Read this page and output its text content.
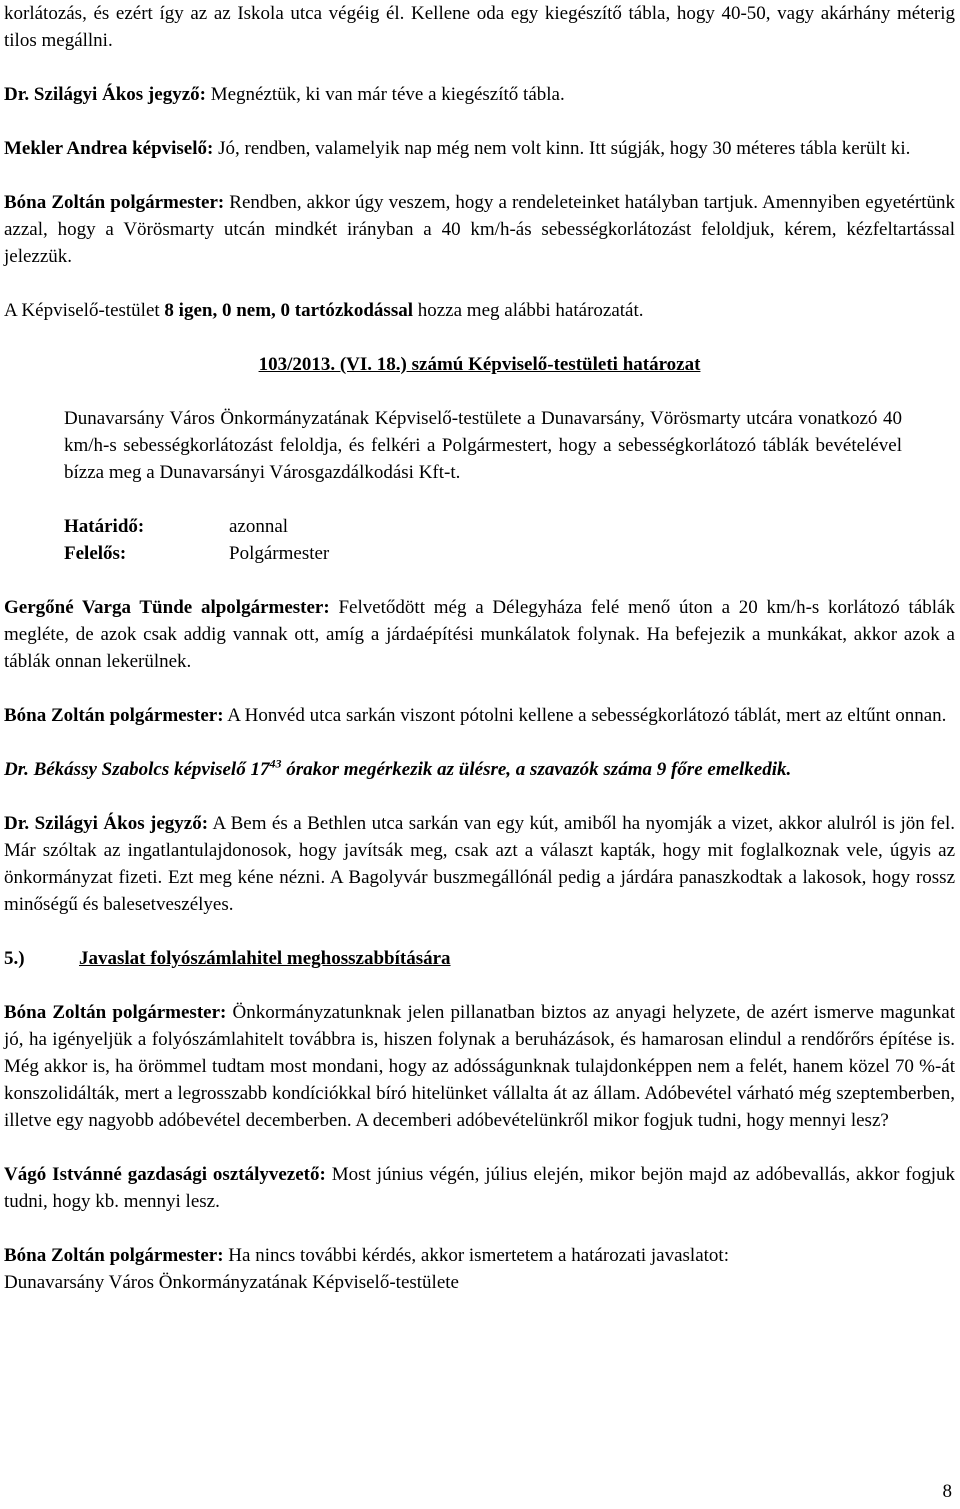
korlátozás, és ezért így az az Iskola utca végéig él. Kellene oda egy kiegészítő tábla, hogy 40-50, vagy akárhány méterig tilos megállni.

Dr. Szilágyi Ákos jegyző: Megnéztük, ki van már téve a kiegészítő tábla.

Mekler Andrea képviselő: Jó, rendben, valamelyik nap még nem volt kinn. Itt súgják, hogy 30 méteres tábla került ki.

Bóna Zoltán polgármester: Rendben, akkor úgy veszem, hogy a rendeleteinket hatályban tartjuk. Amennyiben egyetértünk azzal, hogy a Vörösmarty utcán mindkét irányban a 40 km/h-ás sebességkorlátozást feloldjuk, kérem, kézfeltartással jelezzük.

A Képviselő-testület 8 igen, 0 nem, 0 tartózkodással hozza meg alábbi határozatát.

103/2013. (VI. 18.) számú Képviselő-testületi határozat

Dunavarsány Város Önkormányzatának Képviselő-testülete a Dunavarsány, Vörösmarty utcára vonatkozó 40 km/h-s sebességkorlátozást feloldja, és felkéri a Polgármestert, hogy a sebességkorlátozó táblák bevételével bízza meg a Dunavarsányi Városgazdálkodási Kft-t.

Határidő:	azonnal
Felelős:	Polgármester

Gergőné Varga Tünde alpolgármester: Felvetődött még a Délegyháza felé menő úton a 20 km/h-s korlátozó táblák megléte, de azok csak addig vannak ott, amíg a járdaépítési munkálatok folynak. Ha befejezik a munkákat, akkor azok a táblák onnan lekerülnek.

Bóna Zoltán polgármester: A Honvéd utca sarkán viszont pótolni kellene a sebességkorlátozó táblát, mert az eltűnt onnan.

Dr. Békássy Szabolcs képviselő $17^{43}$ órakor megérkezik az ülésre, a szavazók száma 9 főre emelkedik.

Dr. Szilágyi Ákos jegyző: A Bem és a Bethlen utca sarkán van egy kút, amiből ha nyomják a vizet, akkor alulról is jön fel. Már szóltak az ingatlantulajdonosok, hogy javítsák meg, csak azt a választ kapták, hogy mit foglalkoznak vele, úgyis az önkormányzat fizeti. Ezt meg kéne nézni. A Bagolyvár buszmegállónál pedig a járdára panaszkodtak a lakosok, hogy rossz minőségű és balesetveszélyes.

5.)	Javaslat folyószámlahitel meghosszabbítására

Bóna Zoltán polgármester: Önkormányzatunknak jelen pillanatban biztos az anyagi helyzete, de azért ismerve magunkat jó, ha igényeljük a folyószámlahitelt továbbra is, hiszen folynak a beruházások, és hamarosan elindul a rendőrőrs építése is. Még akkor is, ha örömmel tudtam most mondani, hogy az adósságunknak tulajdonképpen nem a felét, hanem közel 70 %-át konszolidálták, mert a legrosszabb kondíciókkal bíró hitelünket vállalta át az állam. Adóbevétel várható még szeptemberben, illetve egy nagyobb adóbevétel decemberben. A decemberi adóbevételünkről mikor fogjuk tudni, hogy mennyi lesz?

Vágó Istvánné gazdasági osztályvezető: Most június végén, július elején, mikor bejön majd az adóbevallás, akkor fogjuk tudni, hogy kb. mennyi lesz.

Bóna Zoltán polgármester: Ha nincs további kérdés, akkor ismertetem a határozati javaslatot:
Dunavarsány Város Önkormányzatának Képviselő-testülete

8
